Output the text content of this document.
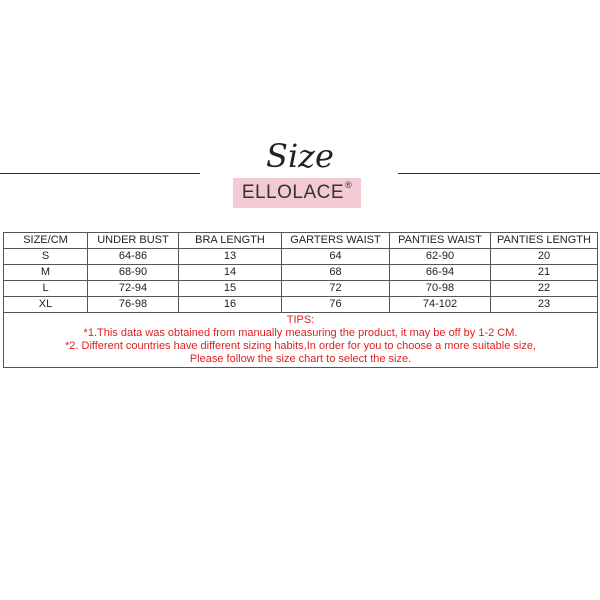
Size
ELLOLACE®
SIZE/CM	UNDER BUST	BRA LENGTH	GARTERS WAIST	PANTIES WAIST	PANTIES LENGTH
S	64-86	13	64	62-90	20
M	68-90	14	68	66-94	21
L	72-94	15	72	70-98	22
XL	76-98	16	76	74-102	23

TIPS:
*1.This data was obtained from manually measuring the product, it may be off by 1-2 CM.
*2. Different countries have different sizing habits,In order for you to choose a more suitable size,
Please follow the size chart to select the size.					
